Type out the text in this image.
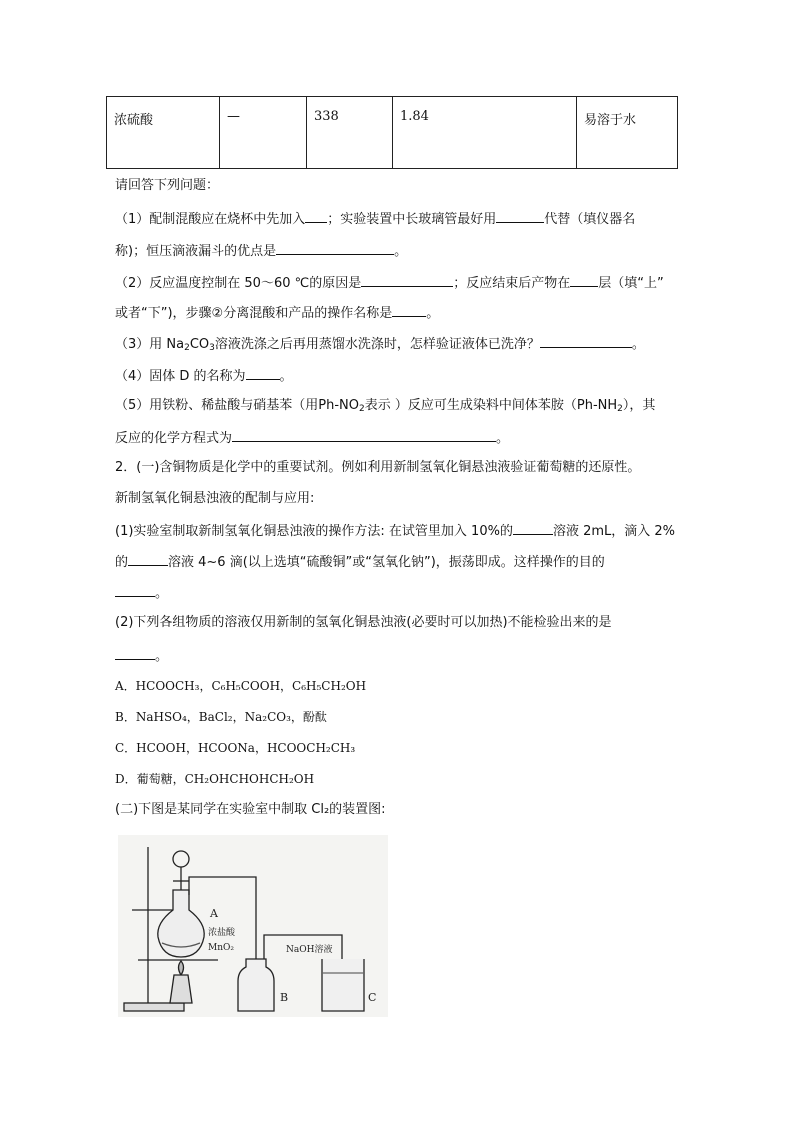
浓硫酸	—	338	1.84	易溶于水
请回答下列问题：
（1）配制混酸应在烧杯中先加入 ；实验装置中长玻璃管最好用	代替（填仪器名
称)；恒压滴液漏斗的优点是	。
（2）反应温度控制在 50～60 ℃的原因是	；反应结束后产物在 层（填“上”
或者“下”)，步骤②分离混酸和产品的操作名称是	。
（3）用 $Na_2CO_3$溶液洗涤之后再用蒸馏水洗涤时，怎样验证液体已洗净？	。
（4）固体 D 的名称为	。
（5）用铁粉、稀盐酸与硝基苯（用$Ph-NO_2$表示 ）反应可生成染料中间体苯胺$(Ph-NH_2)$，其
反应的化学方程式为	。
2．(一)含铜物质是化学中的重要试剂。例如利用新制氢氧化铜悬浊液验证葡萄糖的还原性。
新制氢氧化铜悬浊液的配制与应用:
(1)实验室制取新制氢氧化铜悬浊液的操作方法: 在试管里加入 10%的	溶液 2mL，滴入 2%
的	溶液 4~6 滴(以上选填“硫酸铜”或“氢氧化钠”)，振荡即成。这样操作的目的
。
(2)下列各组物质的溶液仅用新制的氢氧化铜悬浊液(必要时可以加热)不能检验出来的是
。
A．HCOOCH₃，C₆H₅COOH，C₆H₅CH₂OH
B．NaHSO₄，BaCl₂，Na₂CO₃，酚酞
C．HCOOH，HCOONa，HCOOCH₂CH₃
D．葡萄糖，CH₂OHCHOHCH₂OH
(二)下图是某同学在实验室中制取 Cl₂的装置图:
A
B	C
浓盐酸
MnO₂	NaOH溶液
